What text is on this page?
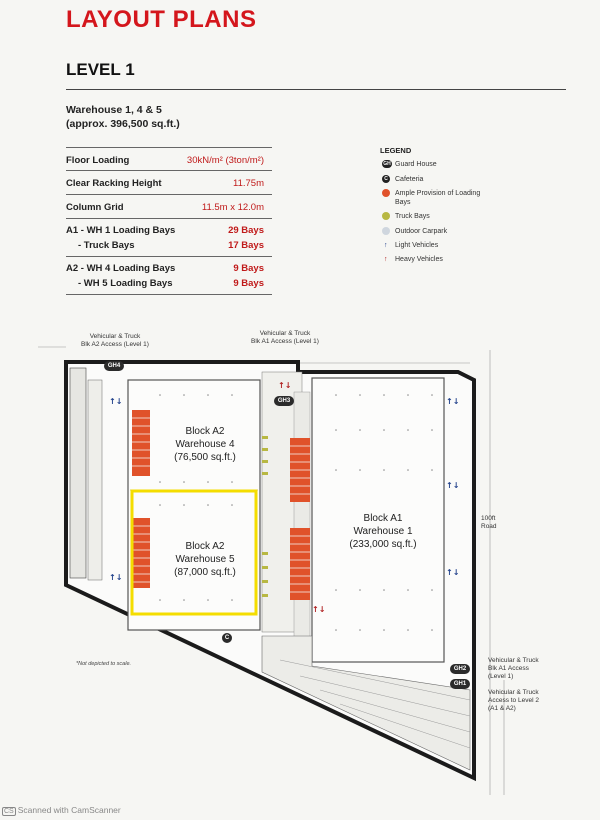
LAYOUT PLANS
LEVEL 1
Warehouse 1, 4 & 5
(approx. 396,500 sq.ft.)
Floor Loading	30kN/m² (3ton/m²)
Clear Racking Height	11.75m
Column Grid	11.5m x 12.0m
A1 - WH 1 Loading Bays	29 Bays
- Truck Bays	17 Bays
A2 - WH 4 Loading Bays	9 Bays
- WH 5 Loading Bays	9 Bays
LEGEND
GH Guard House
C	Cafeteria
Ample Provision of Loading Bays
Truck Bays
Outdoor Carpark
↑ Light Vehicles
↑ Heavy Vehicles
↑↓
↑↓
↑↓
↑↓
↑↓
↑↓
↑↓
Vehicular & Truck
Blk A2 Access (Level 1)
Vehicular & Truck
Blk A1 Access (Level 1)
Vehicular & Truck
Blk A1 Access
(Level 1)
Vehicular & Truck
Access to Level 2
(A1 & A2)
100ft
Road
Block A2
Warehouse 4
(76,500 sq.ft.)
Block A2
Warehouse 5
(87,000 sq.ft.)
Block A1
Warehouse 1
(233,000 sq.ft.)
GH4
GH3
GH2
GH1
C
*Not depicted to scale.
CS Scanned with CamScanner
